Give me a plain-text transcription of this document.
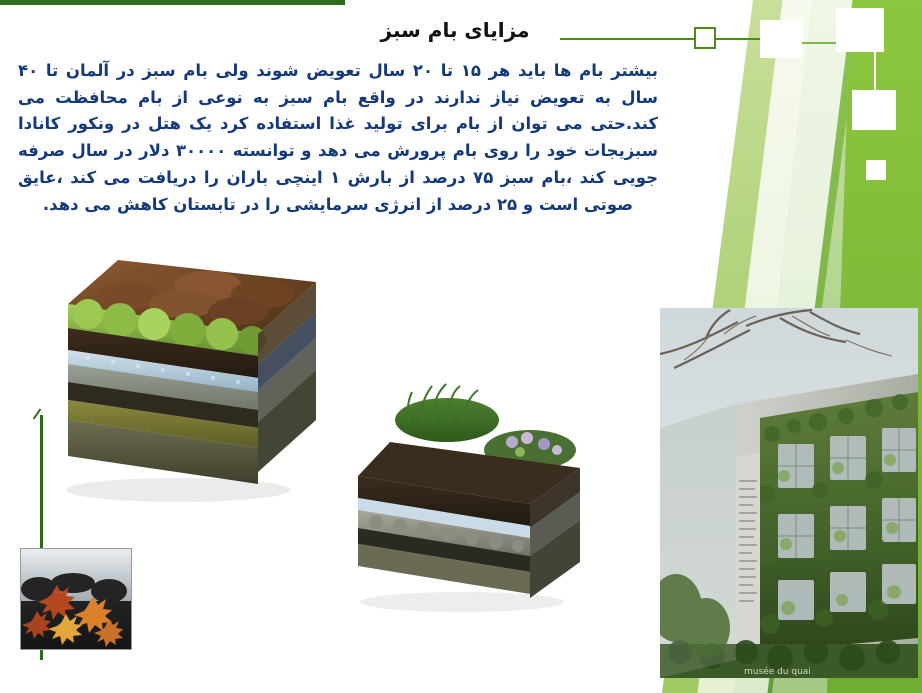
مزایای بام سبز
بیشتر بام ها باید هر ۱۵ تا ۲۰ سال تعویض شوند ولی بام سبز در آلمان تا ۴۰ سال به تعویض نیاز ندارند در واقع بام سبز به نوعی از بام محافظت می کند.حتی می توان از بام برای تولید غذا استفاده کرد یک هتل در ونکور کانادا سبزیجات خود را روی بام پرورش می دهد و توانسته ۳۰۰۰۰ دلار در سال صرفه جویی کند ،بام سبز ۷۵ درصد از بارش ۱ اینچی باران را دریافت می کند ،عایق صوتی است و ۲۵ درصد از انرژی سرمایشی را در تابستان کاهش می دهد.
musée du quai
